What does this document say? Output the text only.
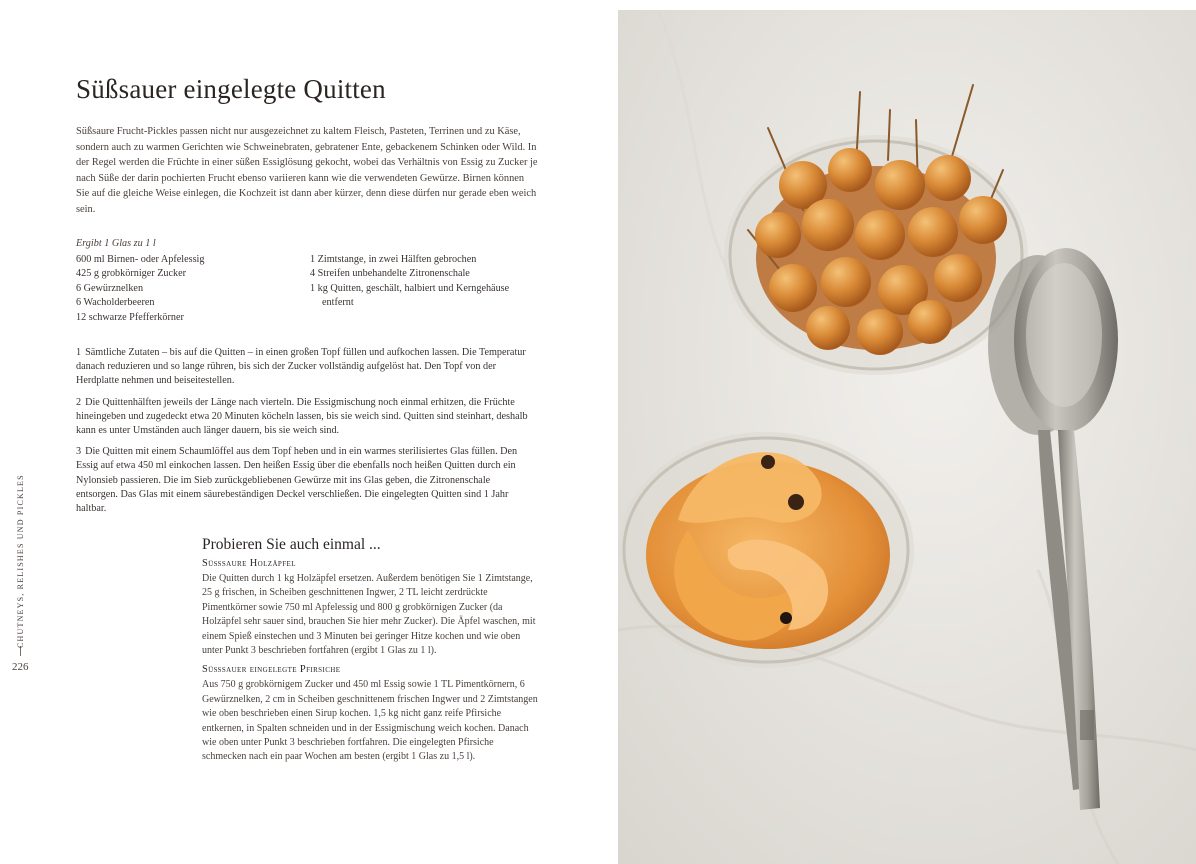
Süßsauer eingelegte Quitten

Süßsaure Frucht-Pickles passen nicht nur ausgezeichnet zu kaltem Fleisch, Pasteten, Terrinen und zu Käse, sondern auch zu warmen Gerichten wie Schweinebraten, gebratener Ente, gebackenem Schinken oder Wild. In der Regel werden die Früchte in einer süßen Essiglösung gekocht, wobei das Verhältnis von Essig zu Zucker je nach Süße der darin pochierten Frucht ebenso variieren kann wie die verwendeten Gewürze. Birnen können Sie auf die gleiche Weise einlegen, die Kochzeit ist dann aber kürzer, denn diese dürfen nur gerade eben weich sein.

Ergibt 1 Glas zu 1 l

600 ml Birnen- oder Apfelessig
425 g grobkörniger Zucker
6 Gewürznelken
6 Wacholderbeeren
12 schwarze Pfefferkörner
1 Zimtstange, in zwei Hälften gebrochen
4 Streifen unbehandelte Zitronenschale
1 kg Quitten, geschält, halbiert und Kerngehäuse
entfernt

1 Sämtliche Zutaten – bis auf die Quitten – in einen großen Topf füllen und aufkochen lassen. Die Temperatur danach reduzieren und so lange rühren, bis sich der Zucker vollständig aufgelöst hat. Den Topf von der Herdplatte nehmen und beiseitestellen.

2 Die Quittenhälften jeweils der Länge nach vierteln. Die Essigmischung noch einmal erhitzen, die Früchte hineingeben und zugedeckt etwa 20 Minuten köcheln lassen, bis sie weich sind. Quitten sind steinhart, deshalb kann es unter Umständen auch länger dauern, bis sie weich sind.

3 Die Quitten mit einem Schaumlöffel aus dem Topf heben und in ein warmes sterilisiertes Glas füllen. Den Essig auf etwa 450 ml einkochen lassen. Den heißen Essig über die ebenfalls noch heißen Quitten durch ein Nylonsieb passieren. Die im Sieb zurückgebliebenen Gewürze mit ins Glas geben, die Zitronenschale entsorgen. Das Glas mit einem säurebeständigen Deckel verschließen. Die eingelegten Quitten sind 1 Jahr haltbar.

Probieren Sie auch einmal ...
Süßsaure Holzäpfel

Die Quitten durch 1 kg Holzäpfel ersetzen. Außerdem benötigen Sie 1 Zimtstange, 25 g frischen, in Scheiben geschnittenen Ingwer, 2 TL leicht zerdrückte Pimentkörner sowie 750 ml Apfelessig und 800 g grobkörnigen Zucker (da Holzäpfel sehr sauer sind, brauchen Sie hier mehr Zucker). Die Äpfel waschen, mit einem Spieß einstechen und 3 Minuten bei geringer Hitze kochen und wie oben unter Punkt 3 beschrieben fortfahren (ergibt 1 Glas zu 1 l).

Süßsauer eingelegte Pfirsiche

Aus 750 g grobkörnigem Zucker und 450 ml Essig sowie 1 TL Pimentkörnern, 6 Gewürznelken, 2 cm in Scheiben geschnittenem frischen Ingwer und 2 Zimtstangen wie oben beschrieben einen Sirup kochen. 1,5 kg nicht ganz reife Pfirsiche entkernen, in Spalten schneiden und in der Essigmischung weich kochen. Danach wie oben unter Punkt 3 beschrieben fortfahren. Die eingelegten Pfirsiche schmecken nach ein paar Wochen am besten (ergibt 1 Glas zu 1,5 l).

CHUTNEYS, RELISHES UND PICKLES
226
